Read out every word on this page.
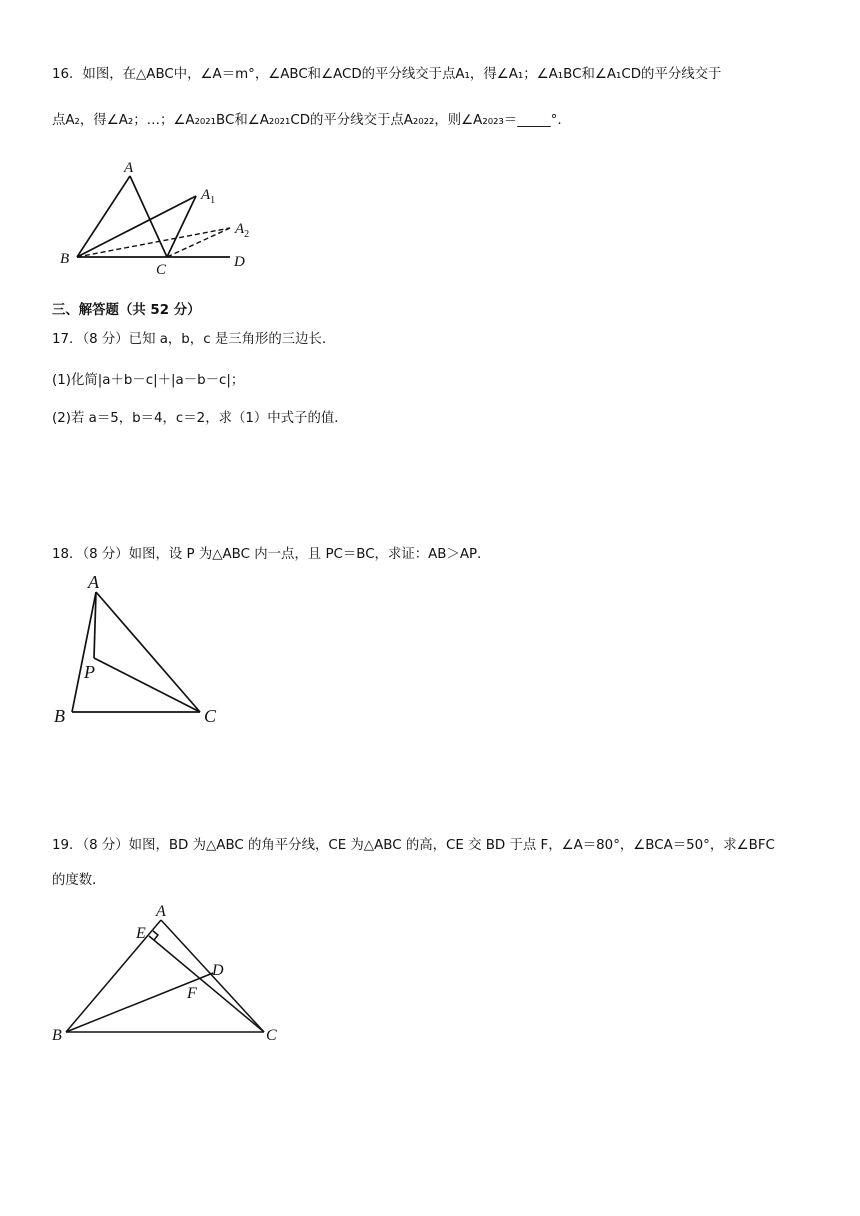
16．如图，在△ABC中，∠A＝m°，∠ABC和∠ACD的平分线交于点A₁，得∠A₁；∠A₁BC和∠A₁CD的平分线交于
点A₂，得∠A₂；…；∠A₂₀₂₁BC和∠A₂₀₂₁CD的平分线交于点A₂₀₂₂，则∠A₂₀₂₃＝_____°.
A
$A_1$
$A_2$
B
C	D
三、解答题（共 52 分）
17．（8 分）已知 a，b，c 是三角形的三边长．
(1)化简|a＋b－c|＋|a－b－c|；
(2)若 a＝5，b＝4，c＝2，求（1）中式子的值．
18．（8 分）如图，设 P 为△ABC 内一点，且 PC＝BC，求证：AB＞AP．
A
P
B	C
19．（8 分）如图，BD 为△ABC 的角平分线，CE 为△ABC 的高，CE 交 BD 于点 F，∠A＝80°，∠BCA＝50°，求∠BFC
的度数．
A
E
D
F
B	C
